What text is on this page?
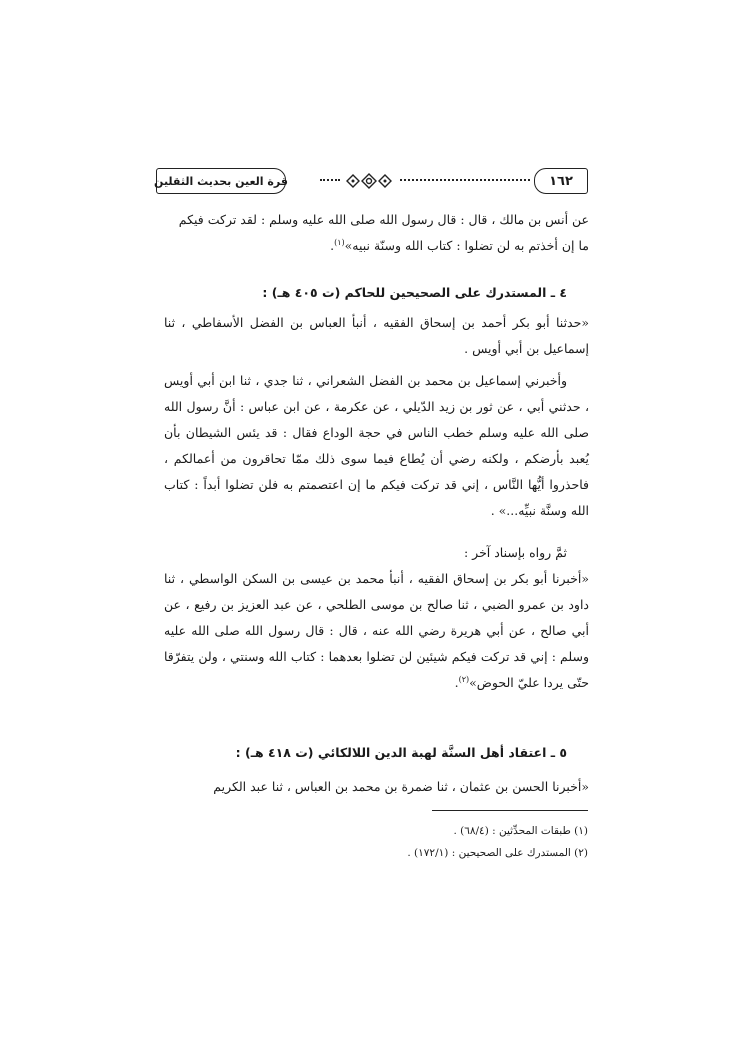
١٦٢
قرة العين بحديث الثقلين

عن أنس بن مالك ، قال : قال رسول الله صلى الله عليه وسلم : لقد تركت فيكم

ما إن أخذتم به لن تضلوا : كتاب الله وسنّة نبيه»$^{(١)}$.

٤ ـ المستدرك على الصحيحين للحاكم (ت ٤٠٥ هـ) :

«حدثنا أبو بكر أحمد بن إسحاق الفقيه ، أنبأ العباس بن الفضل الأسفاطي ، ثنا إسماعيل بن أبي أويس .

وأخبرني إسماعيل بن محمد بن الفضل الشعراني ، ثنا جدي ، ثنا ابن أبي أويس ، حدثني أبي ، عن ثور بن زيد الدّيلي ، عن عكرمة ، عن ابن عباس : أنَّ رسول الله صلى الله عليه وسلم خطب الناس في حجة الوداع فقال : قد يئس الشيطان بأن يُعبد بأرضكم ، ولكنه رضي أن يُطاع فيما سوى ذلك ممّا تحاقرون من أعمالكم ، فاحذروا أيُّها النَّاس ، إني قد تركت فيكم ما إن اعتصمتم به فلن تضلوا أبداً : كتاب الله وسنَّة نبيِّه...» .

ثمَّ رواه بإسناد آخر :

«أخبرنا أبو بكر بن إسحاق الفقيه ، أنبأ محمد بن عيسى بن السكن الواسطي ، ثنا داود بن عمرو الضبي ، ثنا صالح بن موسى الطلحي ، عن عبد العزيز بن رفيع ، عن أبي صالح ، عن أبي هريرة رضي الله عنه ، قال : قال رسول الله صلى الله عليه وسلم : إني قد تركت فيكم شيئين لن تضلوا بعدهما : كتاب الله وسنتي ، ولن يتفرّقا حتّى يردا عليّ الحوض»$^{(٢)}$.

٥ ـ اعتقاد أهل السنَّة لهبة الدين اللالكائي (ت ٤١٨ هـ) :

«أخبرنا الحسن بن عثمان ، ثنا ضمرة بن محمد بن العباس ، ثنا عبد الكريم

(١) طبقات المحدِّثين : (٦٨/٤) .

(٢) المستدرك على الصحيحين : (١٧٢/١) .
